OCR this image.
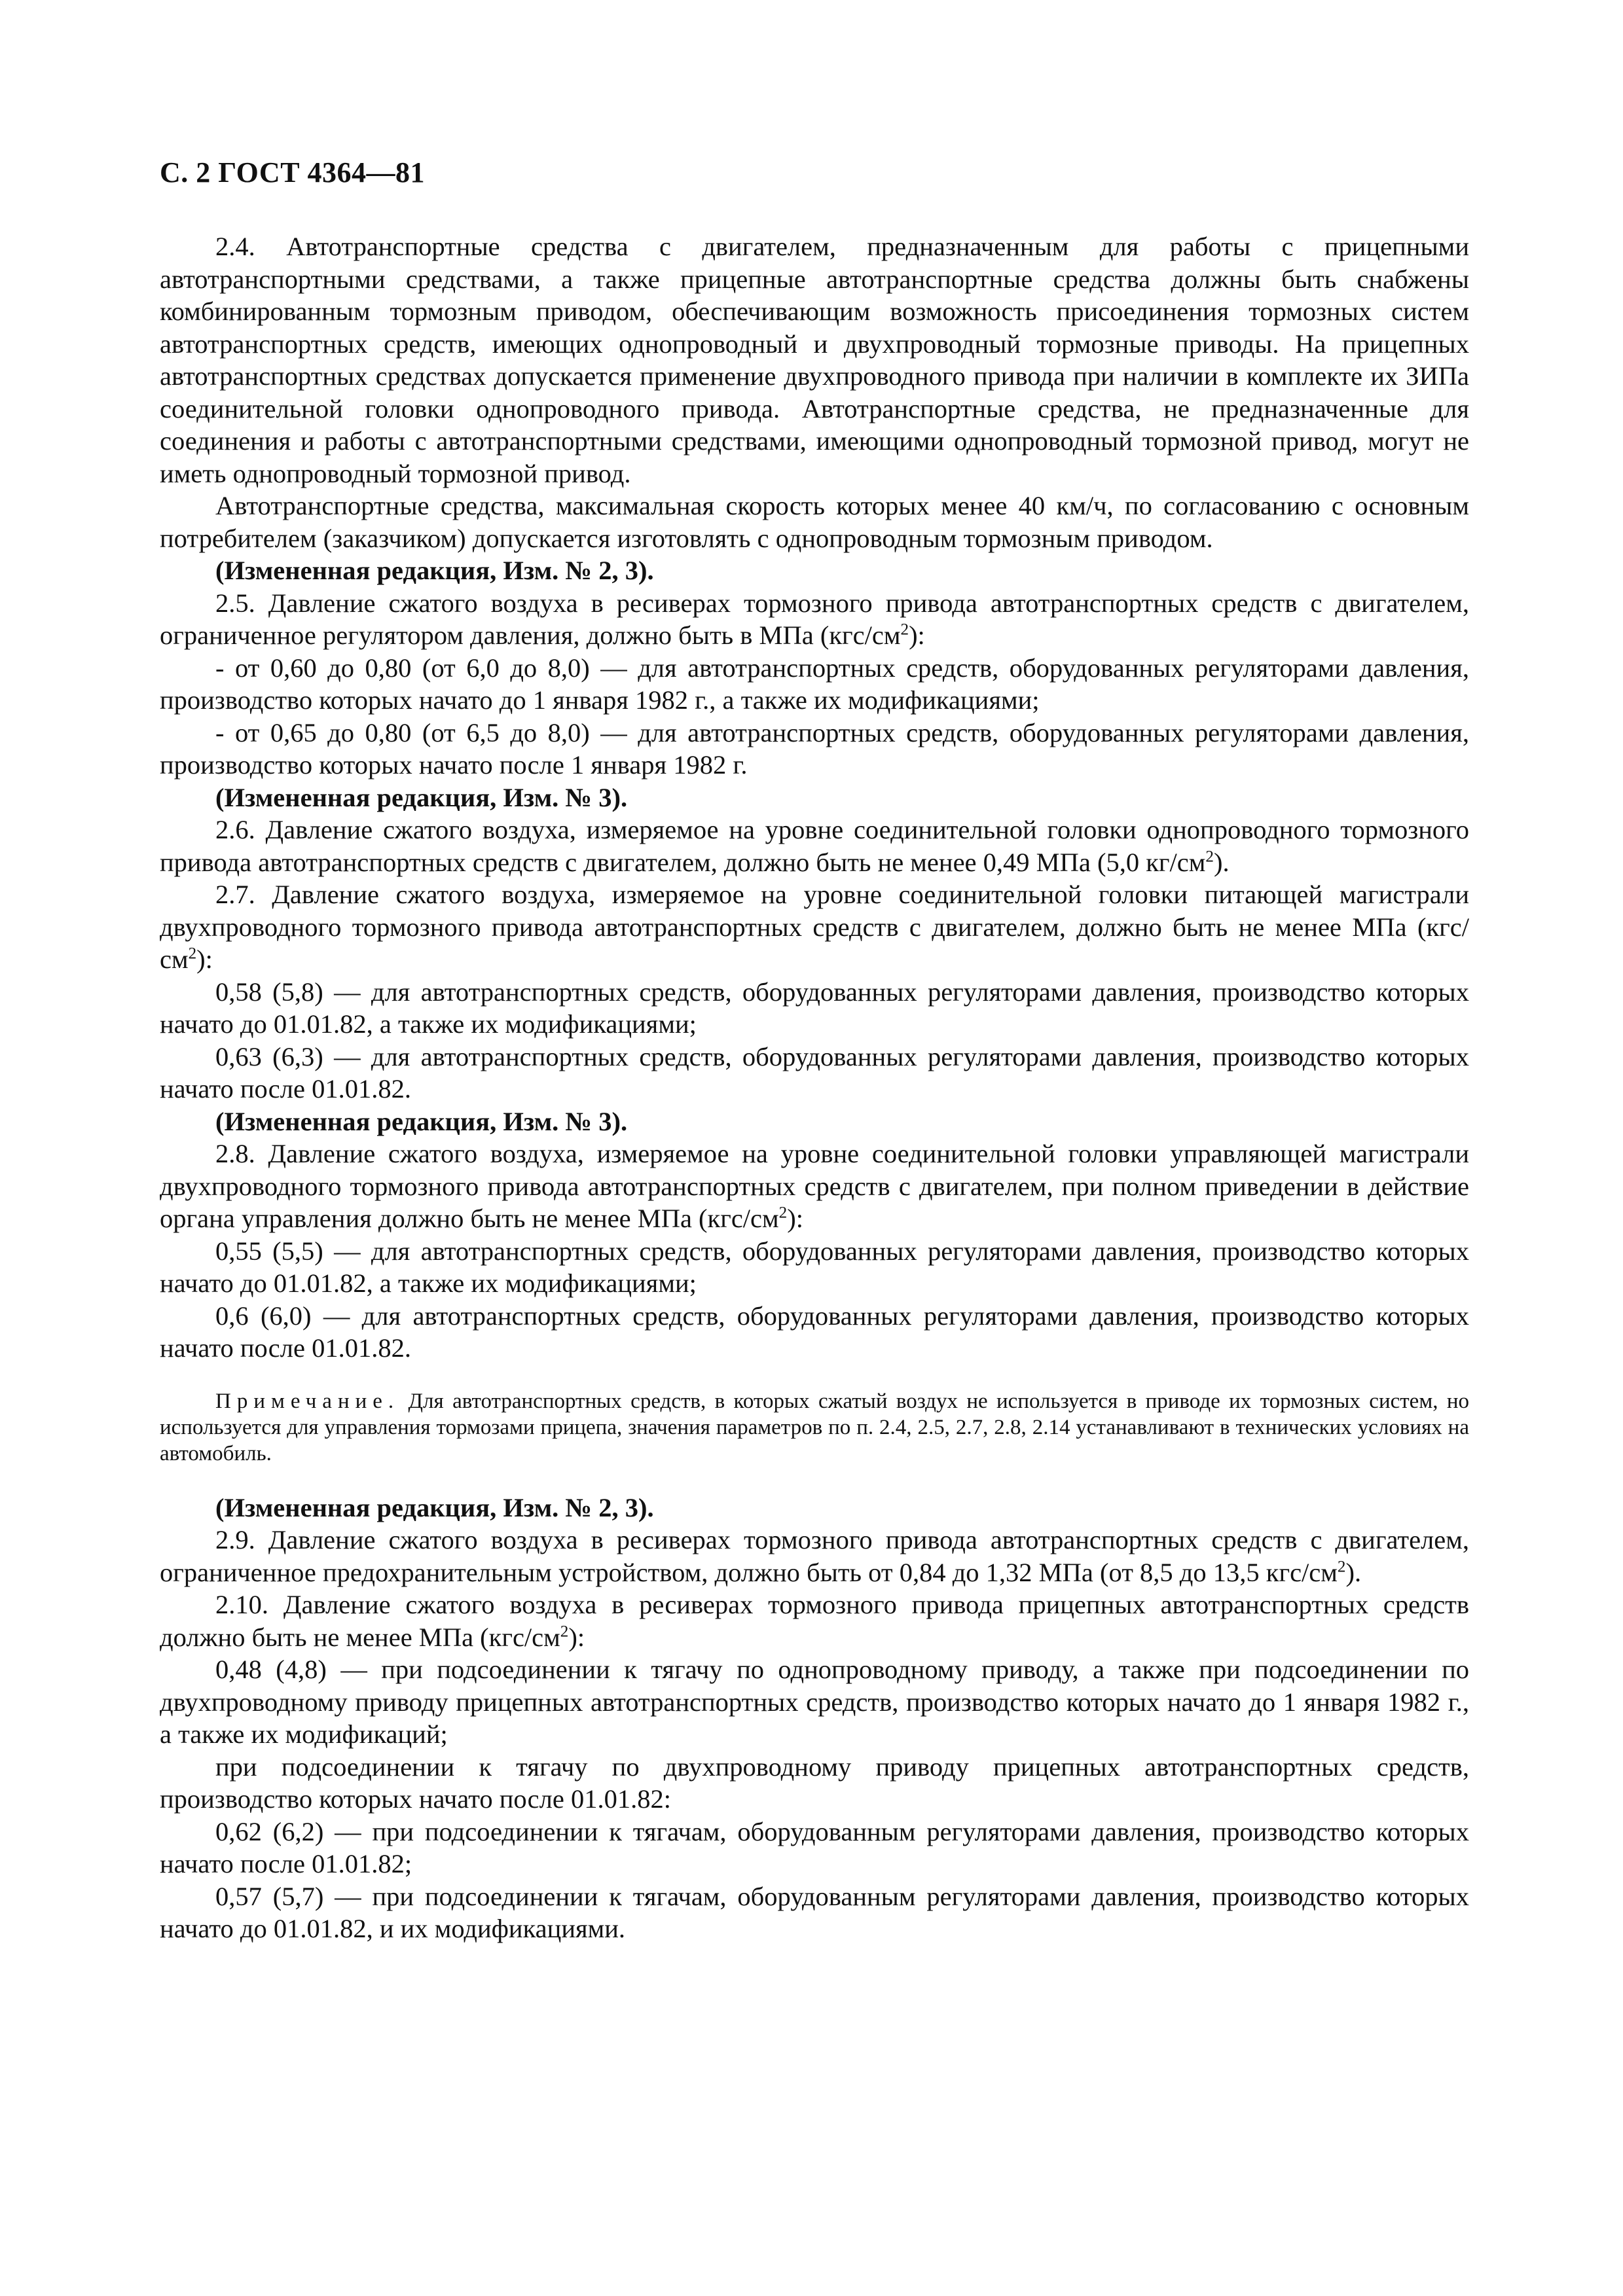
С. 2 ГОСТ 4364—81

2.4. Автотранспортные средства с двигателем, предназначенным для работы с прицепными автотранспортными средствами, а также прицепные автотранспортные средства должны быть снабжены комбинированным тормозным приводом, обеспечивающим возможность присоединения тормозных систем автотранспортных средств, имеющих однопроводный и двухпроводный тормозные приводы. На прицепных автотранспортных средствах допускается применение двухпроводного привода при наличии в комплекте их ЗИПа соединительной головки однопроводного привода. Автотранспортные средства, не предназначенные для соединения и работы с автотранспортными средствами, имеющими однопроводный тормозной привод, могут не иметь однопроводный тормозной привод.

Автотранспортные средства, максимальная скорость которых менее 40 км/ч, по согласованию с основным потребителем (заказчиком) допускается изготовлять с однопроводным тормозным приводом.

(Измененная редакция, Изм. № 2, 3).

2.5. Давление сжатого воздуха в ресиверах тормозного привода автотранспортных средств с двигателем, ограниченное регулятором давления, должно быть в МПа $(кгс/см^2)$:

- от 0,60 до 0,80 (от 6,0 до 8,0) — для автотранспортных средств, оборудованных регуляторами давления, производство которых начато до 1 января 1982 г., а также их модификациями;

- от 0,65 до 0,80 (от 6,5 до 8,0) — для автотранспортных средств, оборудованных регуляторами давления, производство которых начато после 1 января 1982 г.

(Измененная редакция, Изм. № 3).

2.6. Давление сжатого воздуха, измеряемое на уровне соединительной головки однопроводного тормозного привода автотранспортных средств с двигателем, должно быть не менее 0,49 МПа (5,0 $кг/см^2$).

2.7. Давление сжатого воздуха, измеряемое на уровне соединительной головки питающей магистрали двухпроводного тормозного привода автотранспортных средств с двигателем, должно быть не менее МПа $(кгс/см^2)$:

0,58 (5,8) — для автотранспортных средств, оборудованных регуляторами давления, производство которых начато до 01.01.82, а также их модификациями;

0,63 (6,3) — для автотранспортных средств, оборудованных регуляторами давления, производство которых начато после 01.01.82.

(Измененная редакция, Изм. № 3).

2.8. Давление сжатого воздуха, измеряемое на уровне соединительной головки управляющей магистрали двухпроводного тормозного привода автотранспортных средств с двигателем, при полном приведении в действие органа управления должно быть не менее МПа $(кгс/см^2)$:

0,55 (5,5) — для автотранспортных средств, оборудованных регуляторами давления, производство которых начато до 01.01.82, а также их модификациями;

0,6 (6,0) — для автотранспортных средств, оборудованных регуляторами давления, производство которых начато после 01.01.82.

Примечание. Для автотранспортных средств, в которых сжатый воздух не используется в приводе их тормозных систем, но используется для управления тормозами прицепа, значения параметров по п. 2.4, 2.5, 2.7, 2.8, 2.14 устанавливают в технических условиях на автомобиль.

(Измененная редакция, Изм. № 2, 3).

2.9. Давление сжатого воздуха в ресиверах тормозного привода автотранспортных средств с двигателем, ограниченное предохранительным устройством, должно быть от 0,84 до 1,32 МПа (от 8,5 до 13,5 кгс/$см^2$).

2.10. Давление сжатого воздуха в ресиверах тормозного привода прицепных автотранспортных средств должно быть не менее МПа $(кгс/см^2)$:

0,48 (4,8) — при подсоединении к тягачу по однопроводному приводу, а также при подсоединении по двухпроводному приводу прицепных автотранспортных средств, производство которых начато до 1 января 1982 г., а также их модификаций;

при подсоединении к тягачу по двухпроводному приводу прицепных автотранспортных средств, производство которых начато после 01.01.82:

0,62 (6,2) — при подсоединении к тягачам, оборудованным регуляторами давления, производство которых начато после 01.01.82;

0,57 (5,7) — при подсоединении к тягачам, оборудованным регуляторами давления, производство которых начато до 01.01.82, и их модификациями.
